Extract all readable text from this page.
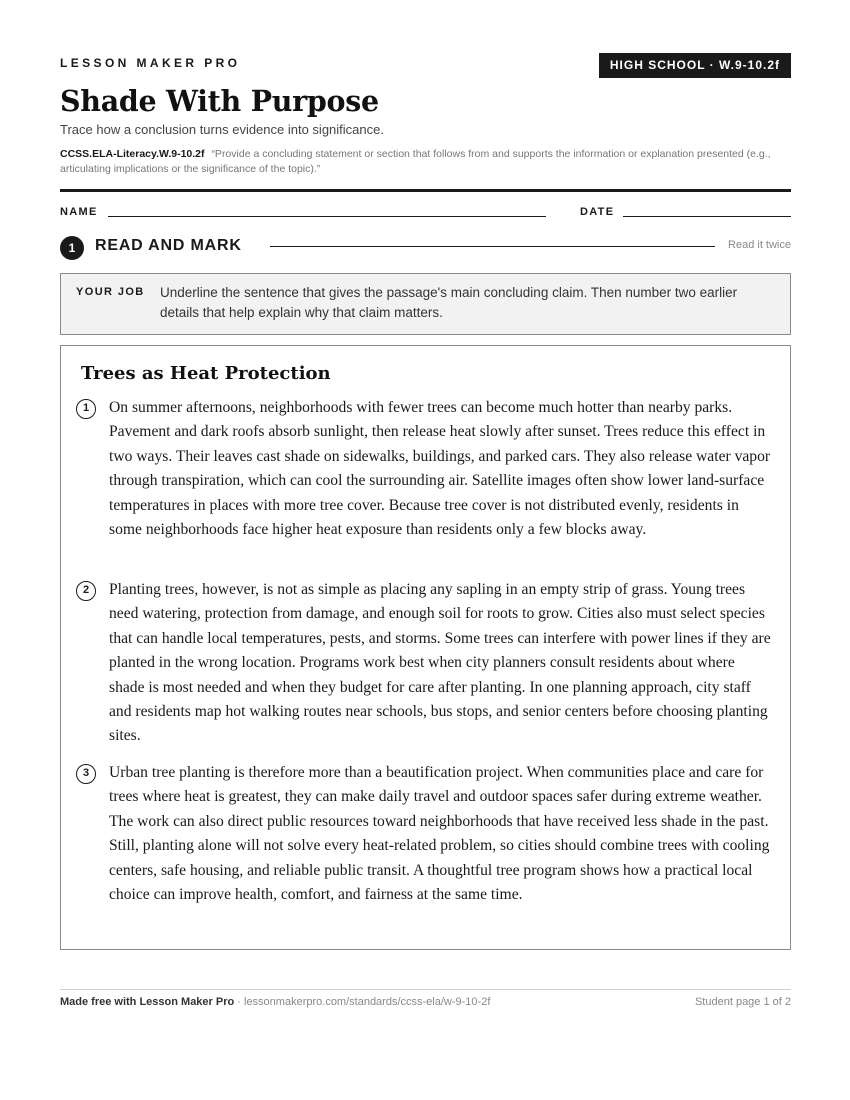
LESSON MAKER PRO	HIGH SCHOOL · W.9-10.2f
Shade With Purpose
Trace how a conclusion turns evidence into significance.
CCSS.ELA-Literacy.W.9-10.2f “Provide a concluding statement or section that follows from and supports the information or explanation presented (e.g., articulating implications or the significance of the topic).”
NAME	DATE
1	READ AND MARK	Read it twice
YOUR JOB Underline the sentence that gives the passage's main concluding claim. Then number two earlier details that help explain why that claim matters.
Trees as Heat Protection
1	On summer afternoons, neighborhoods with fewer trees can become much hotter than nearby parks. Pavement and dark roofs absorb sunlight, then release heat slowly after sunset. Trees reduce this effect in two ways. Their leaves cast shade on sidewalks, buildings, and parked cars. They also release water vapor through transpiration, which can cool the surrounding air. Satellite images often show lower land-surface temperatures in places with more tree cover. Because tree cover is not distributed evenly, residents in some neighborhoods face higher heat exposure than residents only a few blocks away.
2	Planting trees, however, is not as simple as placing any sapling in an empty strip of grass. Young trees need watering, protection from damage, and enough soil for roots to grow. Cities also must select species that can handle local temperatures, pests, and storms. Some trees can interfere with power lines if they are planted in the wrong location. Programs work best when city planners consult residents about where shade is most needed and when they budget for care after planting. In one planning approach, city staff and residents map hot walking routes near schools, bus stops, and senior centers before choosing planting sites.
3	Urban tree planting is therefore more than a beautification project. When communities place and care for trees where heat is greatest, they can make daily travel and outdoor spaces safer during extreme weather. The work can also direct public resources toward neighborhoods that have received less shade in the past. Still, planting alone will not solve every heat-related problem, so cities should combine trees with cooling centers, safe housing, and reliable public transit. A thoughtful tree program shows how a practical local choice can improve health, comfort, and fairness at the same time.
Made free with Lesson Maker Pro · lessonmakerpro.com/standards/ccss-ela/w-9-10-2f	Student page 1 of 2
